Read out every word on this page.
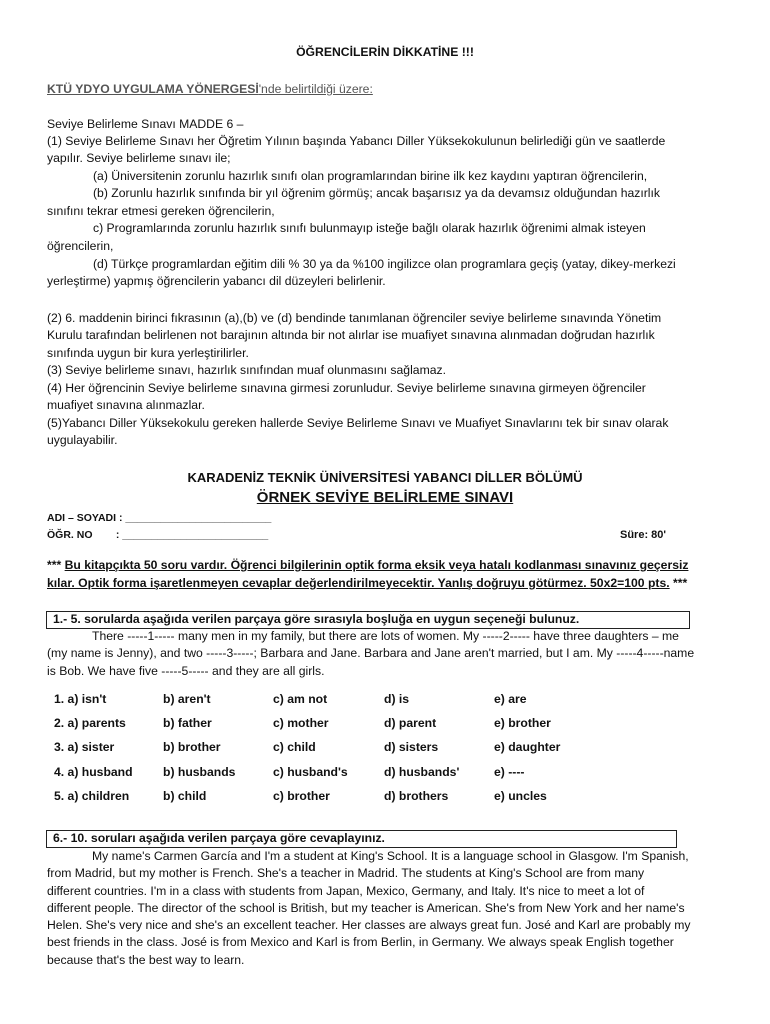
ÖĞRENCİLERİN DİKKATİNE !!!
KTÜ YDYO UYGULAMA YÖNERGESİ'nde belirtildiği üzere:
Seviye Belirleme Sınavı MADDE 6 –
(1) Seviye Belirleme Sınavı her Öğretim Yılının başında Yabancı Diller Yüksekokulunun belirlediği gün ve saatlerde
yapılır. Seviye belirleme sınavı ile;
(a) Üniversitenin zorunlu hazırlık sınıfı olan programlarından birine ilk kez kaydını yaptıran öğrencilerin,
(b) Zorunlu hazırlık sınıfında bir yıl öğrenim görmüş; ancak başarısız ya da devamsız olduğundan hazırlık
sınıfını tekrar etmesi gereken öğrencilerin,
c) Programlarında zorunlu hazırlık sınıfı bulunmayıp isteğe bağlı olarak hazırlık öğrenimi almak isteyen
öğrencilerin,
(d) Türkçe programlardan eğitim dili % 30 ya da %100 ingilizce olan programlara geçiş (yatay, dikey-merkezi
yerleştirme) yapmış öğrencilerin yabancı dil düzeyleri belirlenir.
(2) 6. maddenin birinci fıkrasının (a),(b) ve (d) bendinde tanımlanan öğrenciler seviye belirleme sınavında Yönetim
Kurulu tarafından belirlenen not barajının altında bir not alırlar ise muafiyet sınavına alınmadan doğrudan hazırlık
sınıfında uygun bir kura yerleştirilirler.
(3) Seviye belirleme sınavı, hazırlık sınıfından muaf olunmasını sağlamaz.
(4) Her öğrencinin Seviye belirleme sınavına girmesi zorunludur. Seviye belirleme sınavına girmeyen öğrenciler
muafiyet sınavına alınmazlar.
(5)Yabancı Diller Yüksekokulu gereken hallerde Seviye Belirleme Sınavı ve Muafiyet Sınavlarını tek bir sınav olarak
uygulayabilir.
KARADENİZ TEKNİK ÜNİVERSİTESİ YABANCI DİLLER BÖLÜMÜ
ÖRNEK SEVİYE BELİRLEME SINAVI
ADI – SOYADI : _________________________
ÖĞR. NO        : _________________________	Süre: 80'
*** Bu kitapçıkta 50 soru vardır. Öğrenci bilgilerinin optik forma eksik veya hatalı kodlanması sınavınız geçersiz
kılar. Optik forma işaretlenmeyen cevaplar değerlendirilmeyecektir. Yanlış doğruyu götürmez. 50x2=100 pts. ***
1.- 5. sorularda aşağıda verilen parçaya göre sırasıyla boşluğa en uygun seçeneği bulunuz.
There -----1----- many men in my family, but there are lots of women. My -----2----- have three daughters – me
(my name is Jenny), and two -----3-----; Barbara and Jane. Barbara and Jane aren't married, but I am. My -----4-----name
is Bob. We have five -----5----- and they are all girls.
1. a) isn't	b) aren't	c) am not	d) is	e) are
2. a) parents	b) father	c) mother	d) parent	e) brother
3. a) sister	b) brother	c) child	d) sisters	e) daughter
4. a) husband b) husbands	c) husband's	d) husbands'	e) ----
5. a) children	b) child	c) brother	d) brothers	e) uncles
6.- 10. soruları aşağıda verilen parçaya göre cevaplayınız.
My name's Carmen García and I'm a student at King's School. It is a language school in Glasgow. I'm Spanish,
from Madrid, but my mother is French. She's a teacher in Madrid. The students at King's School are from many
different countries. I'm in a class with students from Japan, Mexico, Germany, and Italy. It's nice to meet a lot of
different people. The director of the school is British, but my teacher is American. She's from New York and her name's
Helen. She's very nice and she's an excellent teacher. Her classes are always great fun. José and Karl are probably my
best friends in the class. José is from Mexico and Karl is from Berlin, in Germany. We always speak English together
because that's the best way to learn.
